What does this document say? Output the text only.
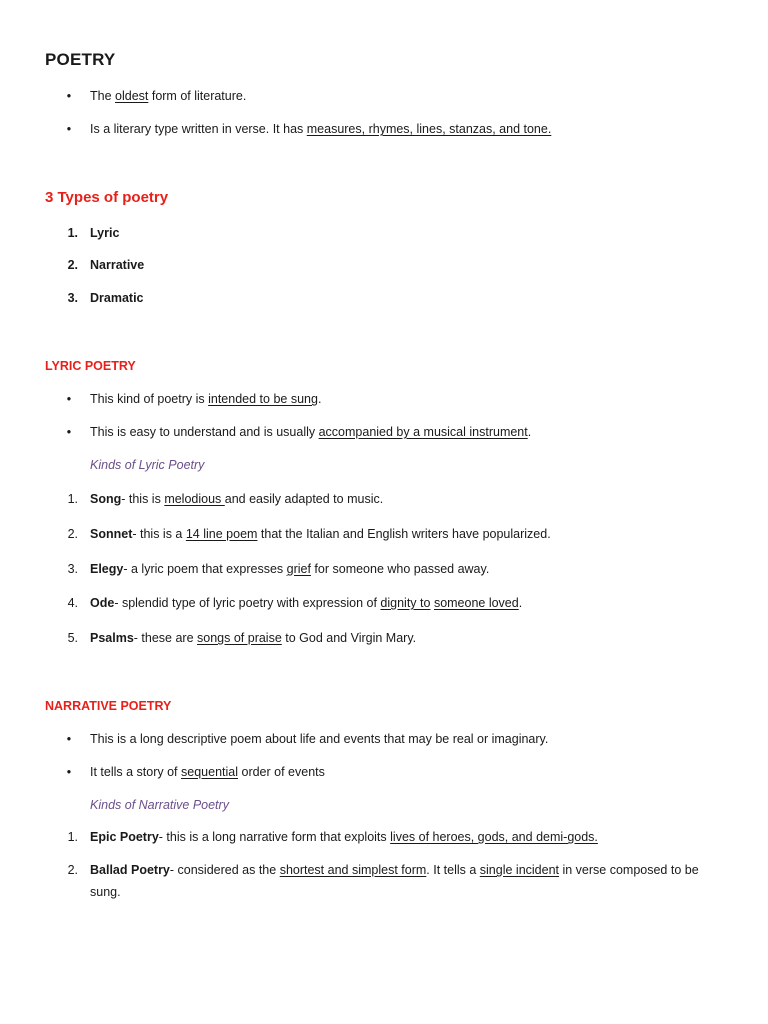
POETRY
• The oldest form of literature.
• Is a literary type written in verse. It has measures, rhymes, lines, stanzas, and tone.
3 Types of poetry
1. Lyric
2. Narrative
3. Dramatic
LYRIC POETRY
• This kind of poetry is intended to be sung.
• This is easy to understand and is usually accompanied by a musical instrument.
Kinds of Lyric Poetry
1. Song- this is melodious and easily adapted to music.
2. Sonnet- this is a 14 line poem that the Italian and English writers have popularized.
3. Elegy- a lyric poem that expresses grief for someone who passed away.
4. Ode- splendid type of lyric poetry with expression of dignity to someone loved.
5. Psalms- these are songs of praise to God and Virgin Mary.
NARRATIVE POETRY
• This is a long descriptive poem about life and events that may be real or imaginary.
• It tells a story of sequential order of events
Kinds of Narrative Poetry
1. Epic Poetry- this is a long narrative form that exploits lives of heroes, gods, and demi-gods.
2. Ballad Poetry- considered as the shortest and simplest form. It tells a single incident in verse composed to be sung.
